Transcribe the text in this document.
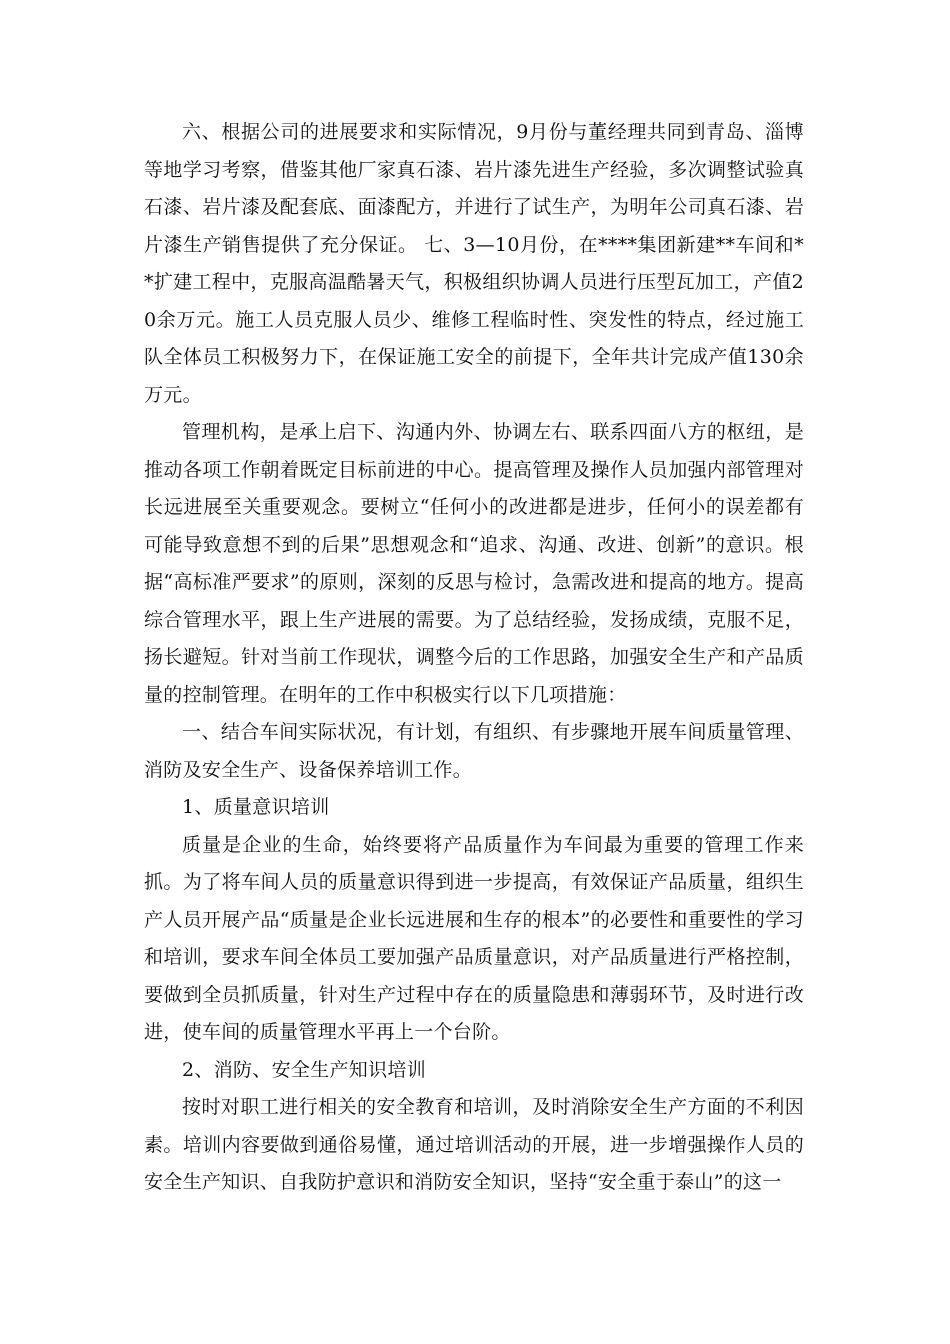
六、根据公司的进展要求和实际情况，9月份与董经理共同到青岛、淄博等地学习考察，借鉴其他厂家真石漆、岩片漆先进生产经验，多次调整试验真石漆、岩片漆及配套底、面漆配方，并进行了试生产，为明年公司真石漆、岩片漆生产销售提供了充分保证。 七、3—10月份，在****集团新建**车间和**扩建工程中，克服高温酷暑天气，积极组织协调人员进行压型瓦加工，产值20余万元。施工人员克服人员少、维修工程临时性、突发性的特点，经过施工队全体员工积极努力下，在保证施工安全的前提下，全年共计完成产值130余万元。

管理机构，是承上启下、沟通内外、协调左右、联系四面八方的枢纽，是推动各项工作朝着既定目标前进的中心。提高管理及操作人员加强内部管理对长远进展至关重要观念。要树立“任何小的改进都是进步，任何小的误差都有可能导致意想不到的后果”思想观念和“追求、沟通、改进、创新”的意识。根据“高标准严要求”的原则，深刻的反思与检讨，急需改进和提高的地方。提高综合管理水平，跟上生产进展的需要。为了总结经验，发扬成绩，克服不足，扬长避短。针对当前工作现状，调整今后的工作思路，加强安全生产和产品质量的控制管理。在明年的工作中积极实行以下几项措施：

一、结合车间实际状况，有计划，有组织、有步骤地开展车间质量管理、消防及安全生产、设备保养培训工作。

1、质量意识培训

质量是企业的生命，始终要将产品质量作为车间最为重要的管理工作来抓。为了将车间人员的质量意识得到进一步提高，有效保证产品质量，组织生产人员开展产品“质量是企业长远进展和生存的根本”的必要性和重要性的学习和培训，要求车间全体员工要加强产品质量意识，对产品质量进行严格控制，要做到全员抓质量，针对生产过程中存在的质量隐患和薄弱环节，及时进行改进，使车间的质量管理水平再上一个台阶。

2、消防、安全生产知识培训

按时对职工进行相关的安全教育和培训，及时消除安全生产方面的不利因素。培训内容要做到通俗易懂，通过培训活动的开展，进一步增强操作人员的安全生产知识、自我防护意识和消防安全知识，坚持“安全重于泰山”的这一
